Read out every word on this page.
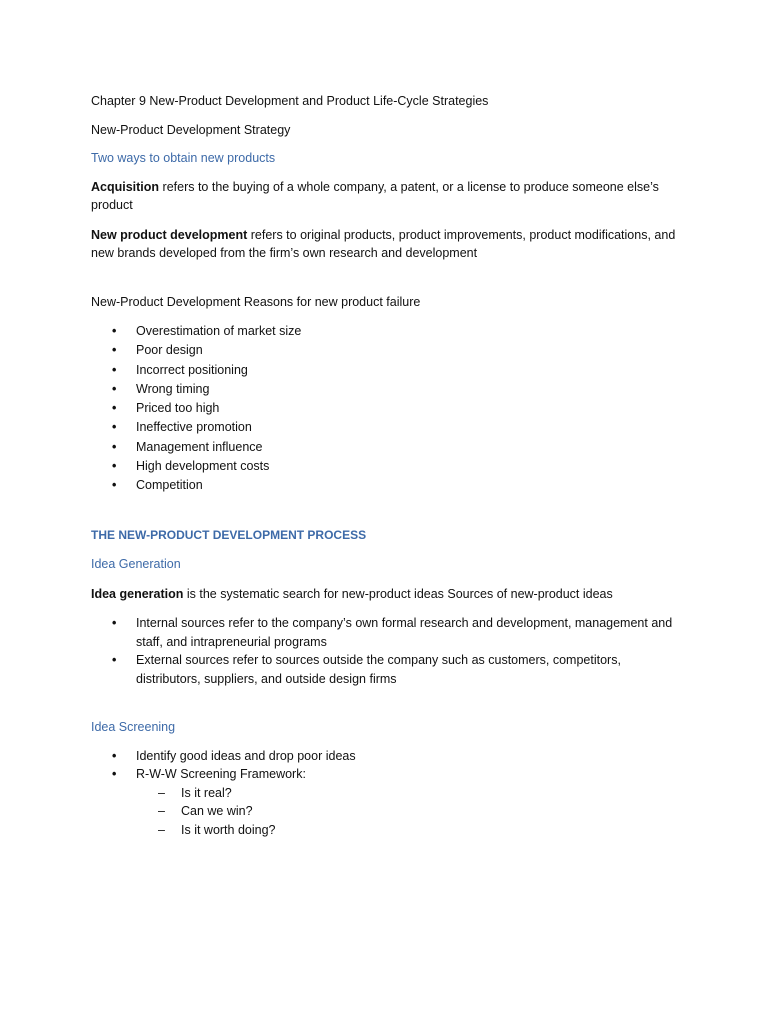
Chapter 9 New-Product Development and Product Life-Cycle Strategies

New-Product Development Strategy

Two ways to obtain new products

Acquisition refers to the buying of a whole company, a patent, or a license to produce someone else’s product

New product development refers to original products, product improvements, product modifications, and new brands developed from the firm’s own research and development

New-Product Development Reasons for new product failure

• Overestimation of market size
• Poor design
• Incorrect positioning
• Wrong timing
• Priced too high
• Ineffective promotion
• Management influence
• High development costs
• Competition

THE NEW-PRODUCT DEVELOPMENT PROCESS

Idea Generation

Idea generation is the systematic search for new-product ideas Sources of new-product ideas

• Internal sources refer to the company’s own formal research and development, management and staff, and intrapreneurial programs
• External sources refer to sources outside the company such as customers, competitors, distributors, suppliers, and outside design firms

Idea Screening

• Identify good ideas and drop poor ideas
• R-W-W Screening Framework:
– Is it real?
– Can we win?
– Is it worth doing?
